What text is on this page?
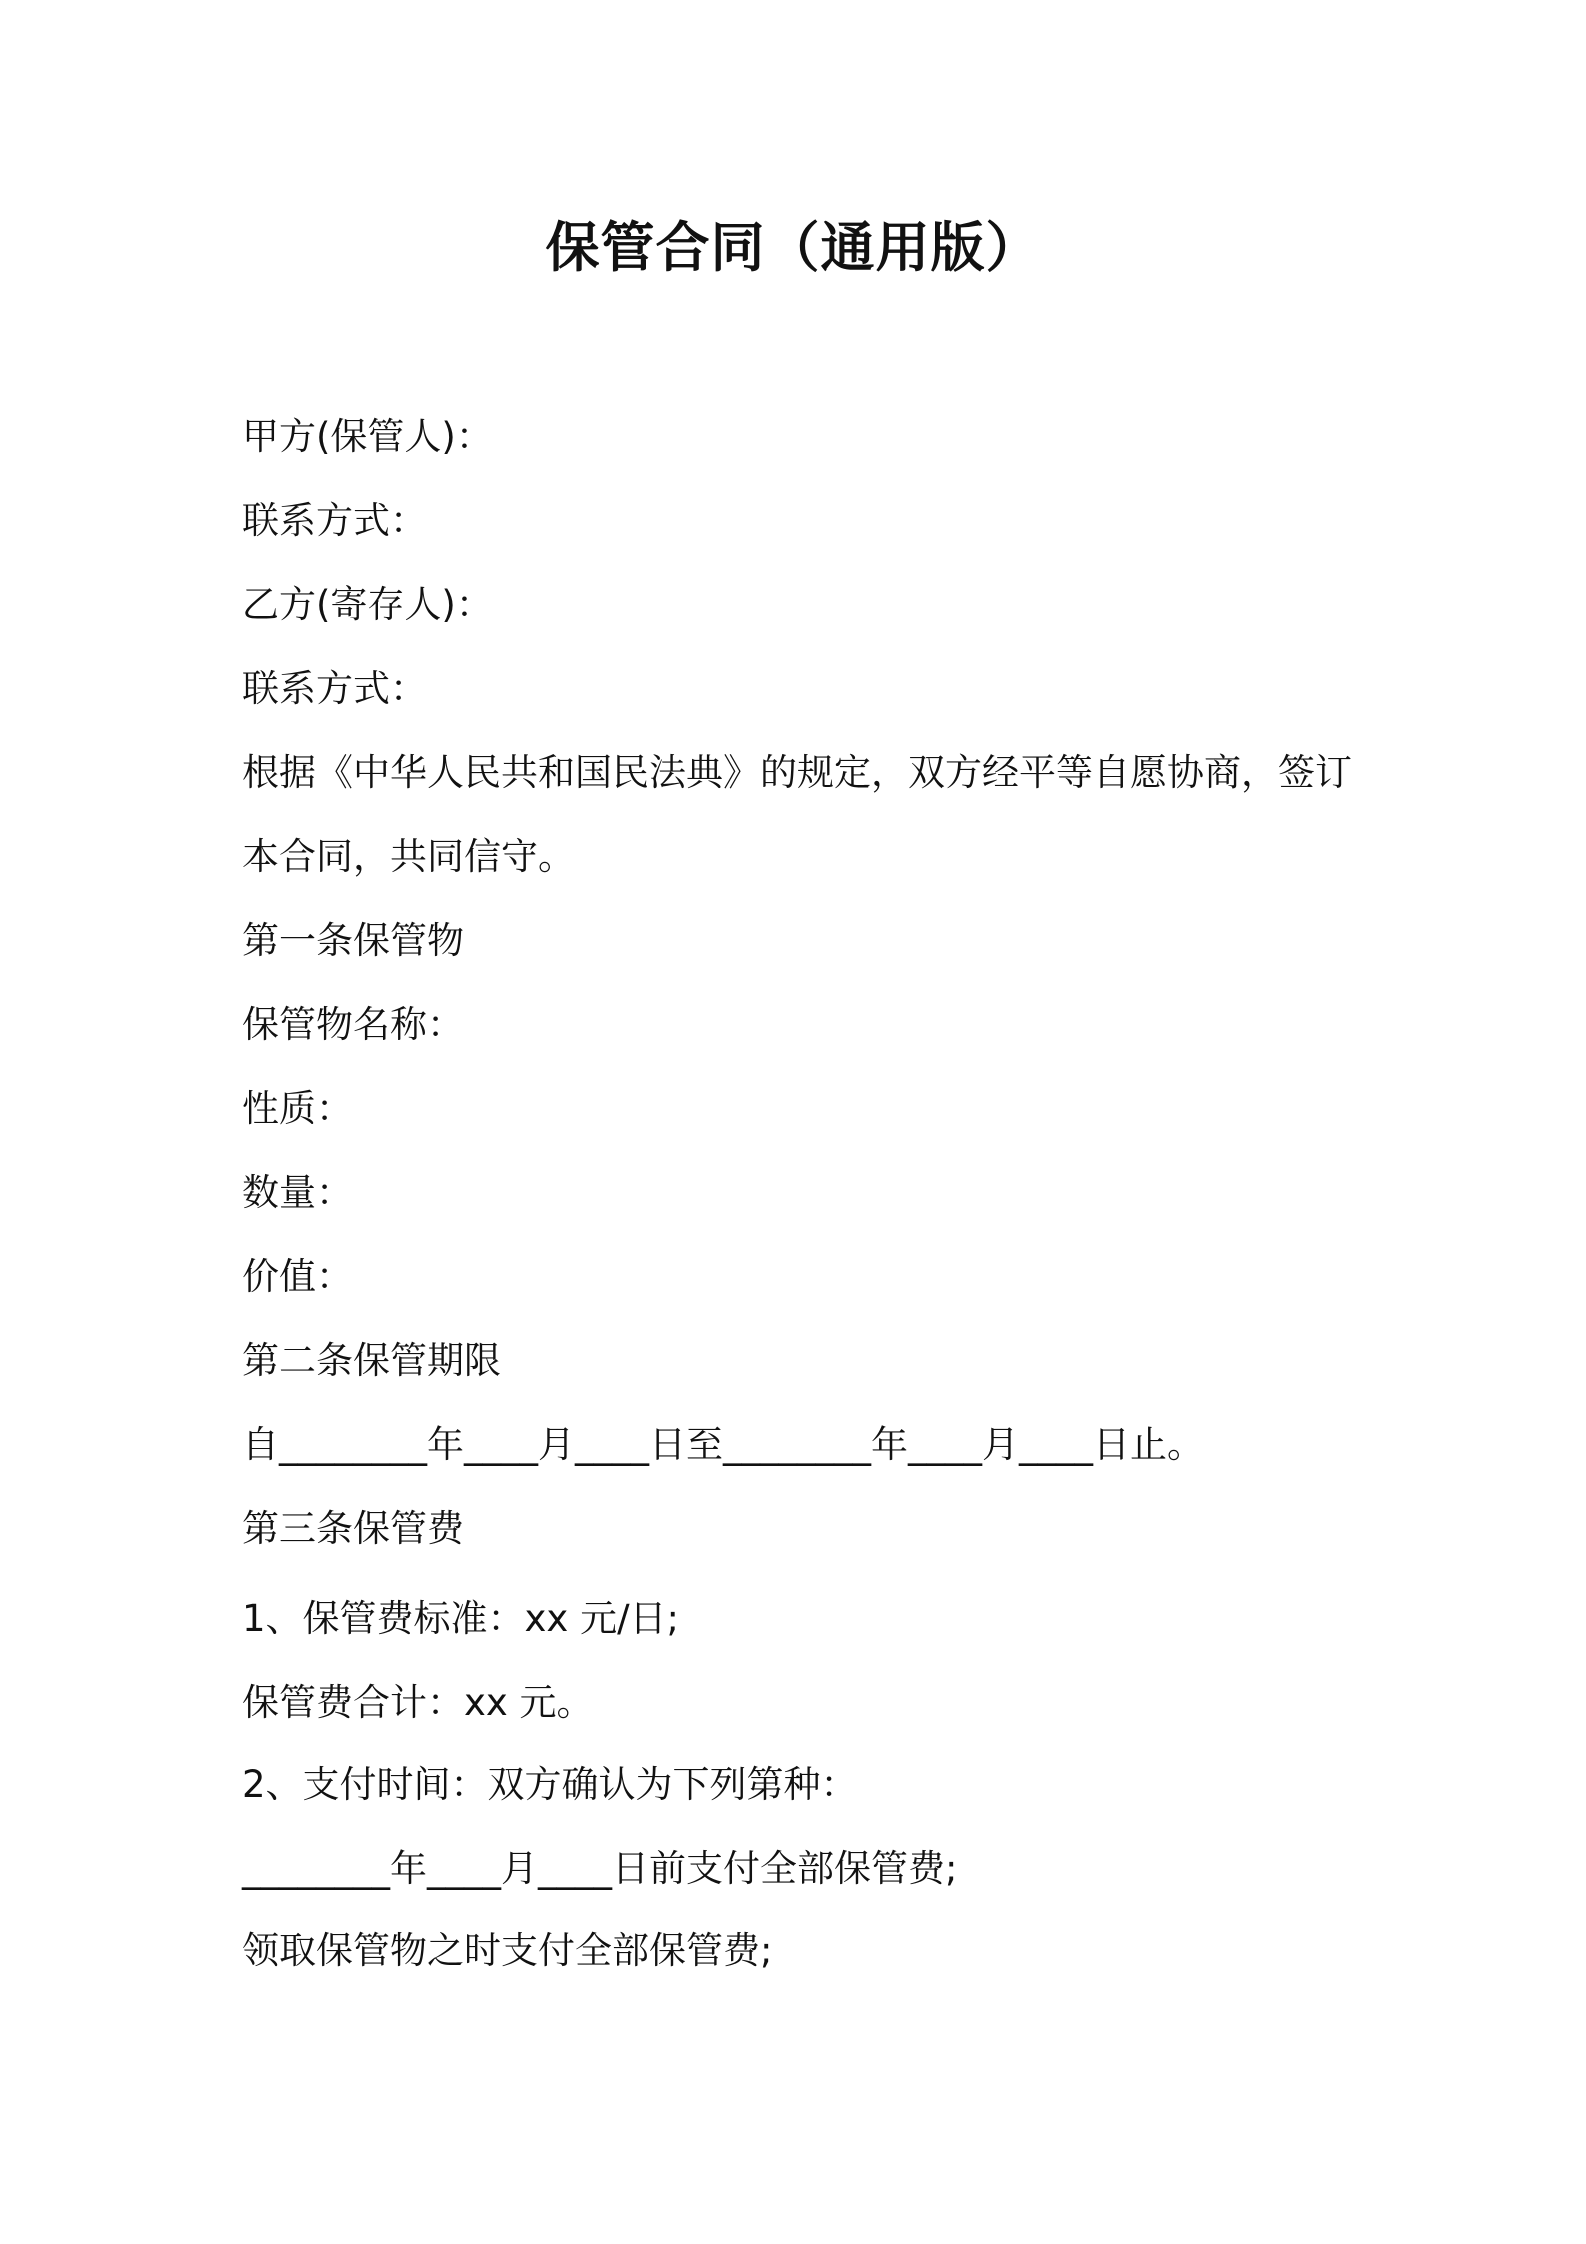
保管合同（通用版）
甲方(保管人)：
联系方式：
乙方(寄存人)：
联系方式：
根据《中华人民共和国民法典》的规定，双方经平等自愿协商，签订
本合同，共同信守。
第一条保管物
保管物名称：
性质：
数量：
价值：
第二条保管期限
自________年____月____日至________年____月____日止。
第三条保管费
1、保管费标准：xx 元/日;
保管费合计：xx 元。
2、支付时间：双方确认为下列第种：
________年____月____日前支付全部保管费;
领取保管物之时支付全部保管费;
